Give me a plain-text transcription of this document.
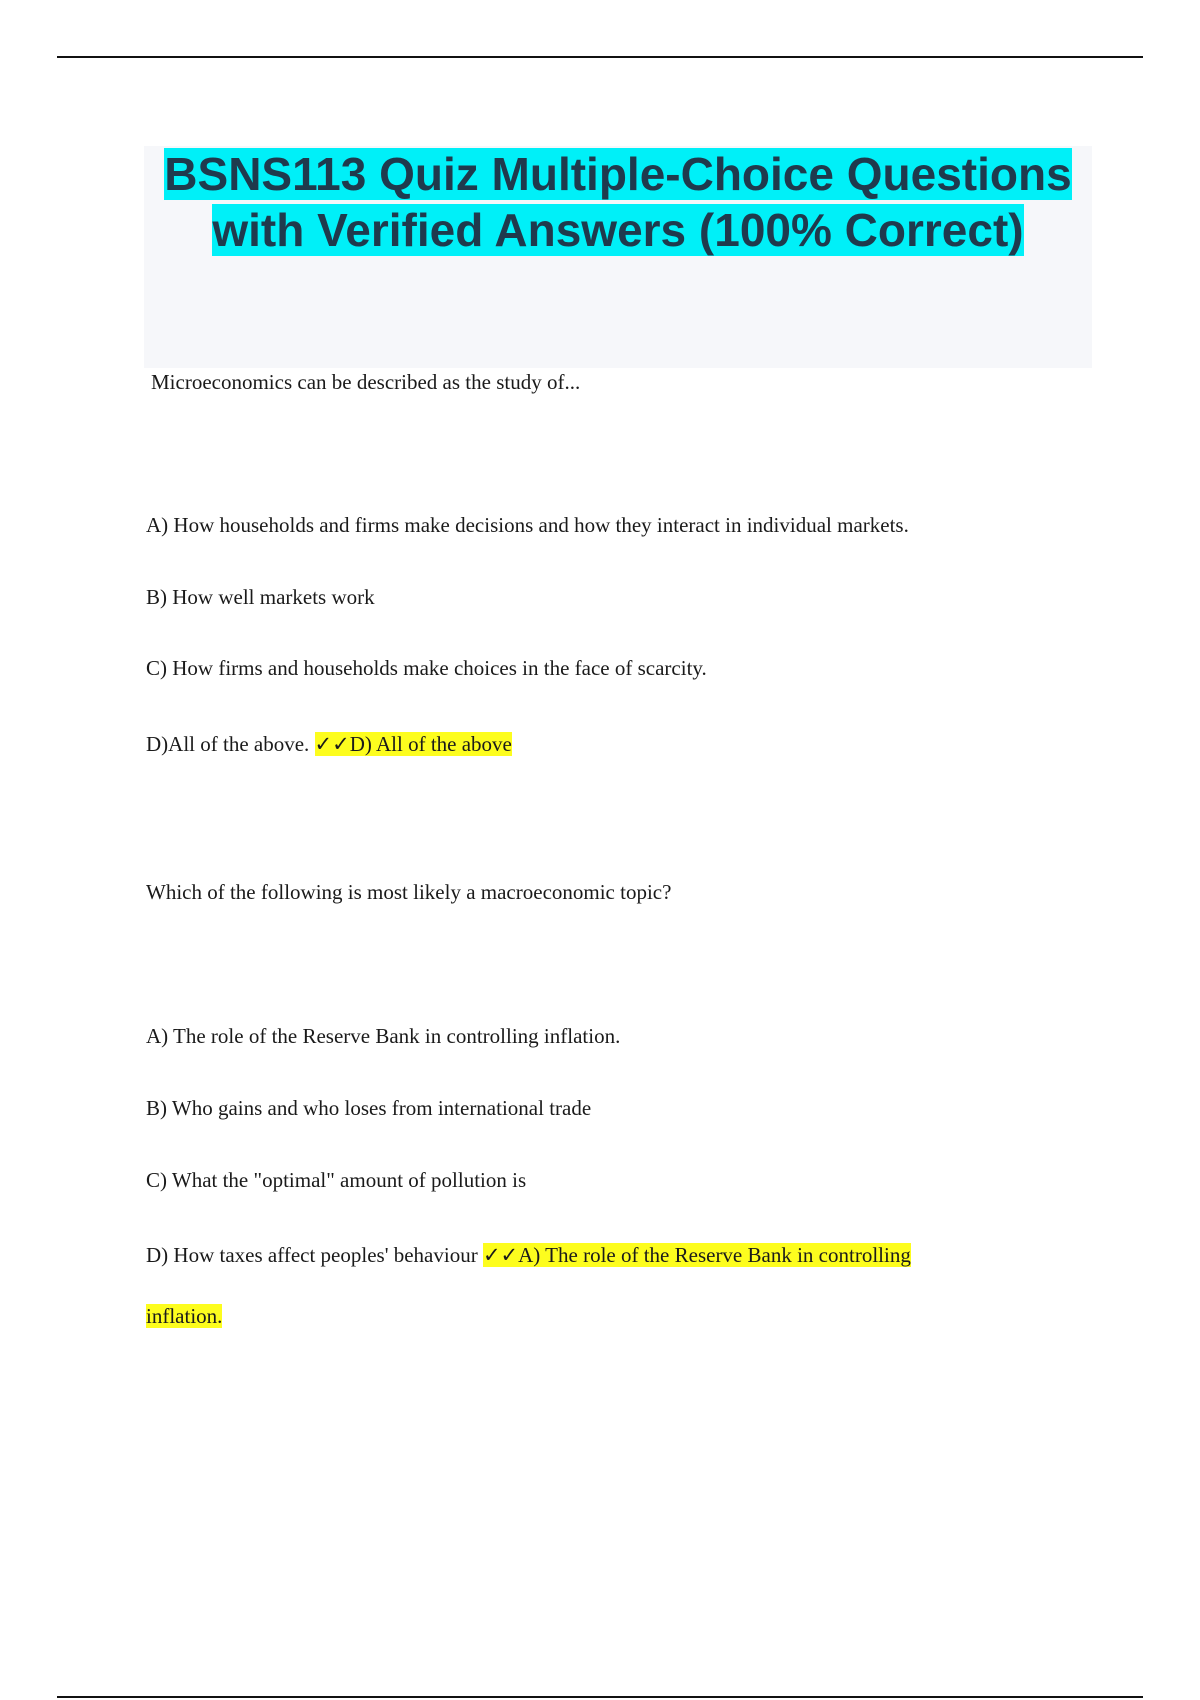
BSNS113 Quiz Multiple-Choice Questions with Verified Answers (100% Correct)

Microeconomics can be described as the study of...

A) How households and firms make decisions and how they interact in individual markets.

B) How well markets work

C) How firms and households make choices in the face of scarcity.

D)All of the above. ✓✓D) All of the above

Which of the following is most likely a macroeconomic topic?

A) The role of the Reserve Bank in controlling inflation.

B) Who gains and who loses from international trade

C) What the "optimal" amount of pollution is

D) How taxes affect peoples' behaviour ✓✓A) The role of the Reserve Bank in controlling

inflation.
